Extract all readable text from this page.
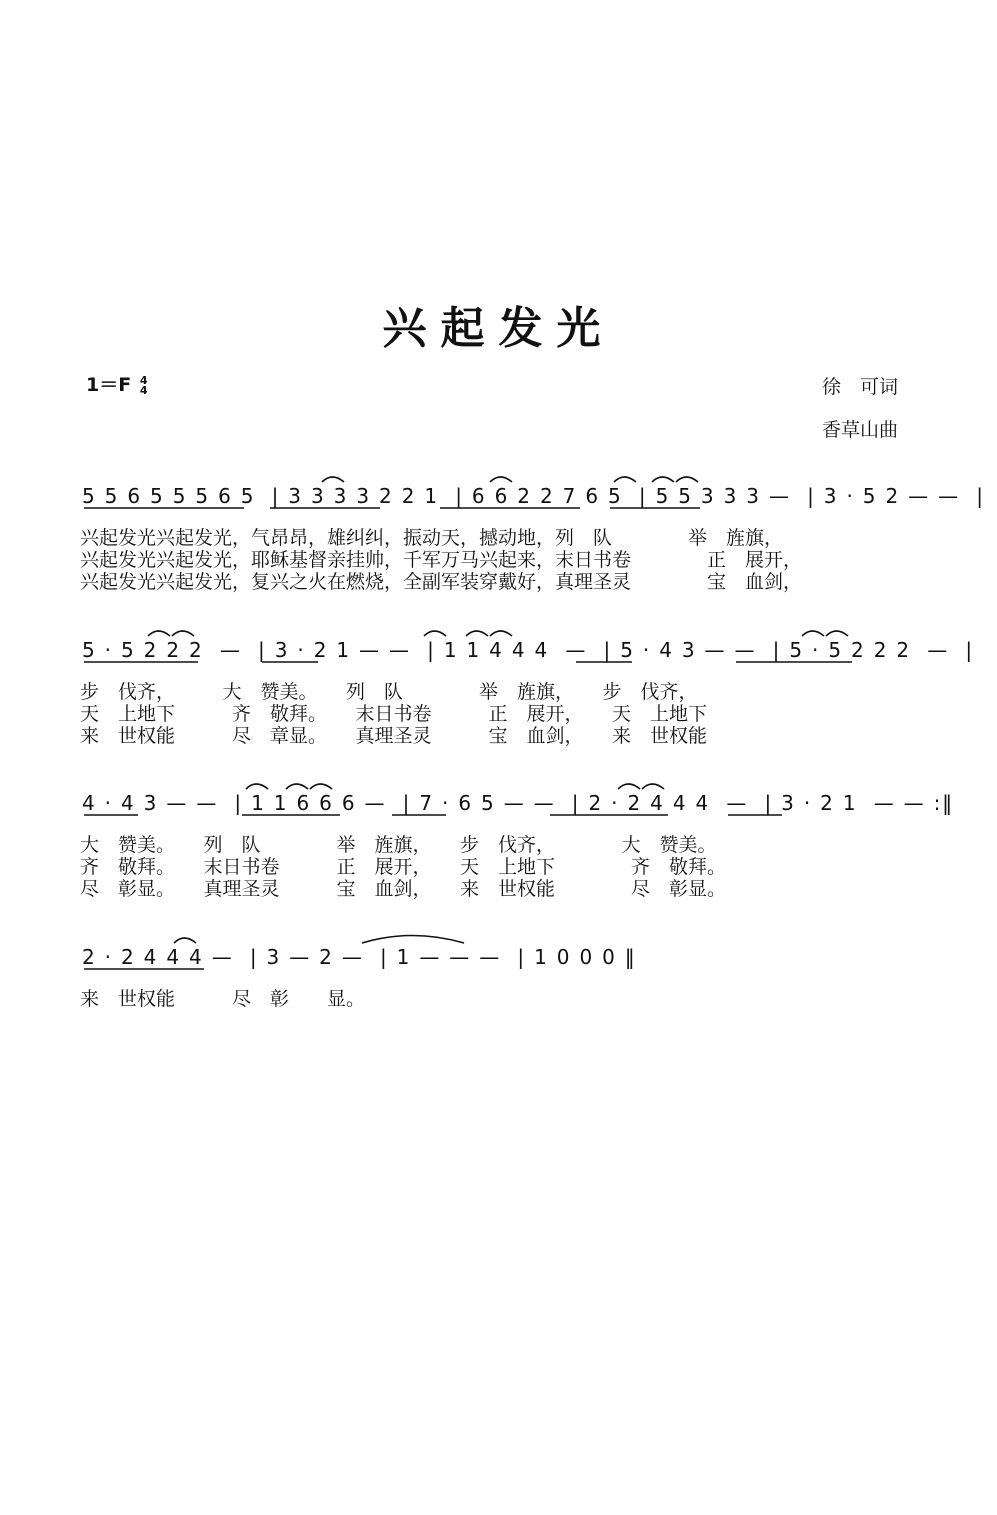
兴起发光
1＝F 4
4	徐　可词
香草山曲
5 5 6 5 5 5 6 5  | 3 3 3 3 2 2 1  | 6 6 2 2 7 6 5  | 5 5 3 3 3 —  | 3 · 5 2 — —  |
兴起发光兴起发光，气昂昂，雄纠纠，振动天，撼动地，列　队　　　　举　旌旗，
兴起发光兴起发光，耶稣基督亲挂帅，千军万马兴起来，末日书卷　　　　正　展开，
兴起发光兴起发光，复兴之火在燃烧，全副军装穿戴好，真理圣灵　　　　宝　血剑，
5 · 5 2 2 2  —  | 3 · 2 1 — —  | 1 1 4 4 4  —  | 5 · 4 3 — —  | 5 · 5 2 2 2  —  |
步　伐齐，　　　大　赞美。　　列　队　　　　举　旌旗，　　步　伐齐，
天　上地下　　　齐　敬拜。　　末日书卷　　　正　展开，　　天　上地下
来　世权能　　　尽　章显。　　真理圣灵　　　宝　血剑，　　来　世权能
4 · 4 3 — —  | 1 1 6 6 6 —  | 7 · 6 5 — —  | 2 · 2 4 4 4  —  | 3 · 2 1  — — :‖
大　赞美。　　列　队　　　　举　旌旗，　　步　伐齐，　　　　大　赞美。
齐　敬拜。　　末日书卷　　　正　展开，　　天　上地下　　　　齐　敬拜。
尽　彰显。　　真理圣灵　　　宝　血剑，　　来　世权能　　　　尽　彰显。
2 · 2 4 4 4 —  | 3 — 2 —  | 1 — — —  | 1 0 0 0 ‖
来　世权能　　　尽　彰　　显。
